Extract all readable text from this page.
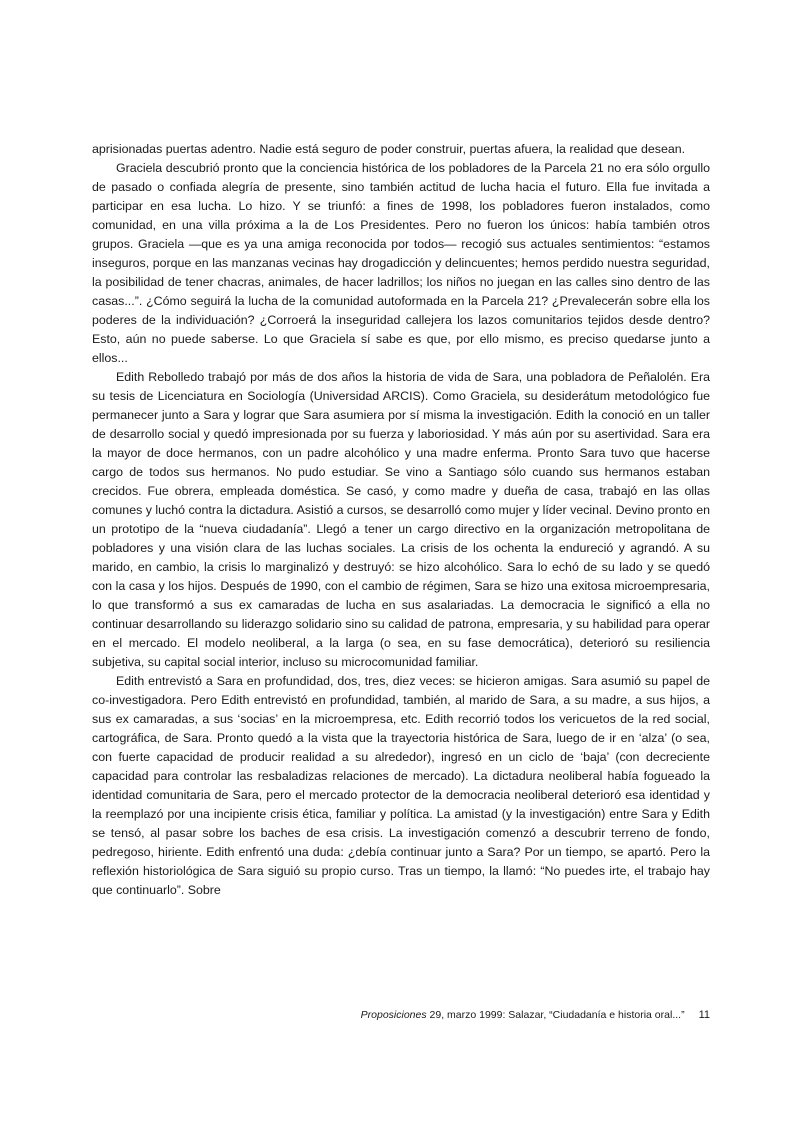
aprisionadas puertas adentro. Nadie está seguro de poder construir, puertas afuera, la realidad que desean.

Graciela descubrió pronto que la conciencia histórica de los pobladores de la Parcela 21 no era sólo orgullo de pasado o confiada alegría de presente, sino también actitud de lucha hacia el futuro. Ella fue invitada a participar en esa lucha. Lo hizo. Y se triunfó: a fines de 1998, los pobladores fueron instalados, como comunidad, en una villa próxima a la de Los Presidentes. Pero no fueron los únicos: había también otros grupos. Graciela —que es ya una amiga reconocida por todos— recogió sus actuales sentimientos: “estamos inseguros, porque en las manzanas vecinas hay drogadicción y delincuentes; hemos perdido nuestra seguridad, la posibilidad de tener chacras, animales, de hacer ladrillos; los niños no juegan en las calles sino dentro de las casas...”. ¿Cómo seguirá la lucha de la comunidad autoformada en la Parcela 21? ¿Prevalecerán sobre ella los poderes de la individuación? ¿Corroerá la inseguridad callejera los lazos comunitarios tejidos desde dentro? Esto, aún no puede saberse. Lo que Graciela sí sabe es que, por ello mismo, es preciso quedarse junto a ellos...

Edith Rebolledo trabajó por más de dos años la historia de vida de Sara, una pobladora de Peñalolén. Era su tesis de Licenciatura en Sociología (Universidad ARCIS). Como Graciela, su desiderátum metodológico fue permanecer junto a Sara y lograr que Sara asumiera por sí misma la investigación. Edith la conoció en un taller de desarrollo social y quedó impresionada por su fuerza y laboriosidad. Y más aún por su asertividad. Sara era la mayor de doce hermanos, con un padre alcohólico y una madre enferma. Pronto Sara tuvo que hacerse cargo de todos sus hermanos. No pudo estudiar. Se vino a Santiago sólo cuando sus hermanos estaban crecidos. Fue obrera, empleada doméstica. Se casó, y como madre y dueña de casa, trabajó en las ollas comunes y luchó contra la dictadura. Asistió a cursos, se desarrolló como mujer y líder vecinal. Devino pronto en un prototipo de la “nueva ciudadanía”. Llegó a tener un cargo directivo en la organización metropolitana de pobladores y una visión clara de las luchas sociales. La crisis de los ochenta la endureció y agrandó. A su marido, en cambio, la crisis lo marginalizó y destruyó: se hizo alcohólico. Sara lo echó de su lado y se quedó con la casa y los hijos. Después de 1990, con el cambio de régimen, Sara se hizo una exitosa microempresaria, lo que transformó a sus ex camaradas de lucha en sus asalariadas. La democracia le significó a ella no continuar desarrollando su liderazgo solidario sino su calidad de patrona, empresaria, y su habilidad para operar en el mercado. El modelo neoliberal, a la larga (o sea, en su fase democrática), deterioró su resiliencia subjetiva, su capital social interior, incluso su microcomunidad familiar.

Edith entrevistó a Sara en profundidad, dos, tres, diez veces: se hicieron amigas. Sara asumió su papel de co-investigadora. Pero Edith entrevistó en profundidad, también, al marido de Sara, a su madre, a sus hijos, a sus ex camaradas, a sus ‘socias’ en la microempresa, etc. Edith recorrió todos los vericuetos de la red social, cartográfica, de Sara. Pronto quedó a la vista que la trayectoria histórica de Sara, luego de ir en ‘alza’ (o sea, con fuerte capacidad de producir realidad a su alrededor), ingresó en un ciclo de ‘baja’ (con decreciente capacidad para controlar las resbaladizas relaciones de mercado). La dictadura neoliberal había fogueado la identidad comunitaria de Sara, pero el mercado protector de la democracia neoliberal deterioró esa identidad y la reemplazó por una incipiente crisis ética, familiar y política. La amistad (y la investigación) entre Sara y Edith se tensó, al pasar sobre los baches de esa crisis. La investigación comenzó a descubrir terreno de fondo, pedregoso, hiriente. Edith enfrentó una duda: ¿debía continuar junto a Sara? Por un tiempo, se apartó. Pero la reflexión historiológica de Sara siguió su propio curso. Tras un tiempo, la llamó: “No puedes irte, el trabajo hay que continuarlo”. Sobre

Proposiciones 29, marzo 1999: Salazar, “Ciudadanía e historia oral...” 11
